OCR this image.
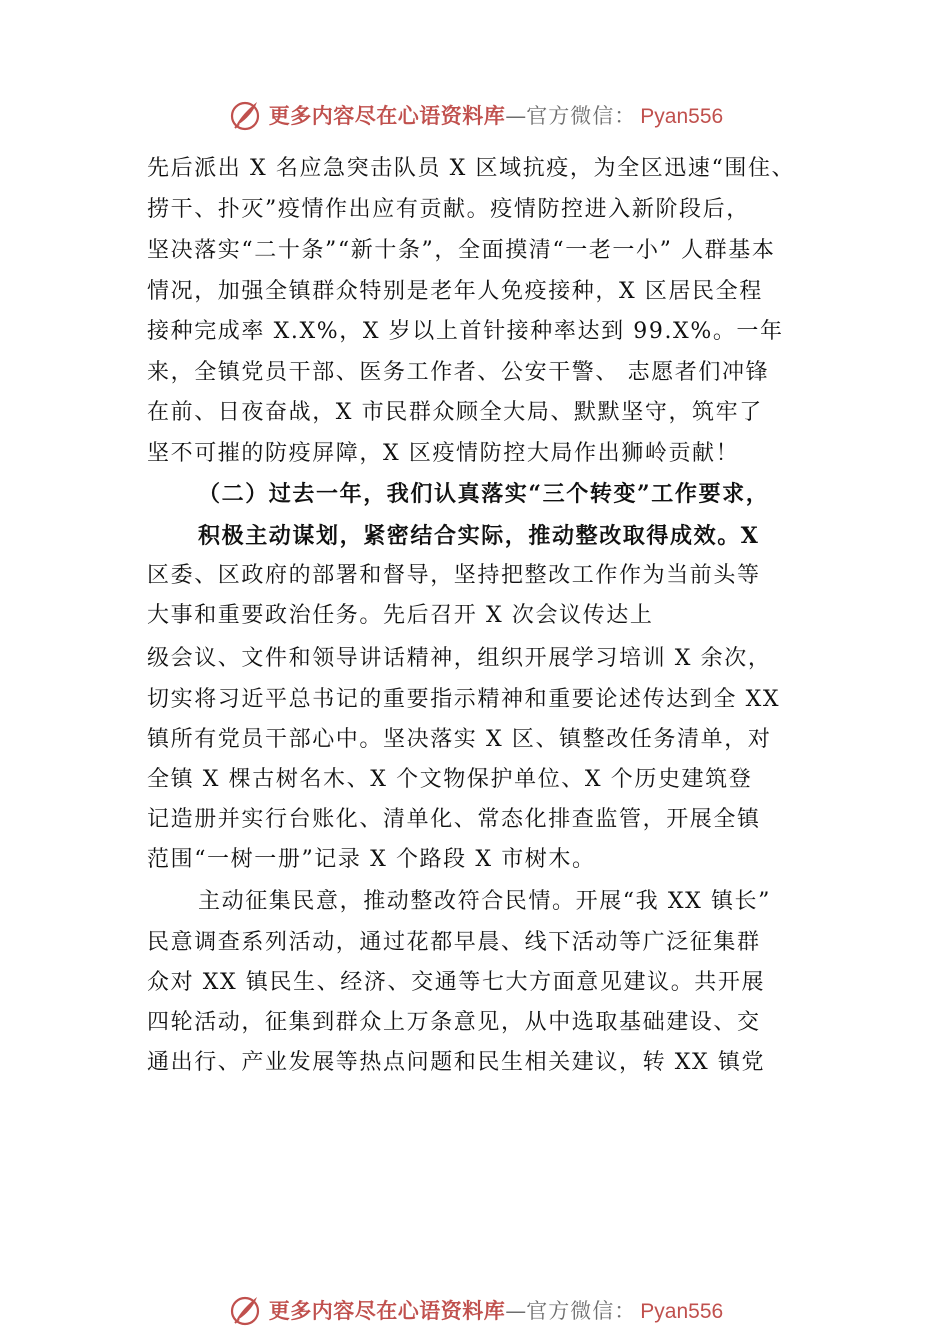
更多内容尽在心语资料库 — 官方微信： Pyan556
先后派出 X 名应急突击队员 X 区域抗疫，为全区迅速“围住、
捞干、扑灭”疫情作出应有贡献。疫情防控进入新阶段后，
坚决落实“二十条”“新十条”，全面摸清“一老一小” 人群基本
情况，加强全镇群众特别是老年人免疫接种，X 区居民全程
接种完成率 X.X%，X 岁以上首针接种率达到 99.X%。一年
来，全镇党员干部、医务工作者、公安干警、 志愿者们冲锋
在前、日夜奋战，X 市民群众顾全大局、默默坚守，筑牢了
坚不可摧的防疫屏障，X 区疫情防控大局作出狮岭贡献！
（二）过去一年，我们认真落实“三个转变”工作要求，
积极主动谋划，紧密结合实际，推动整改取得成效。X
区委、区政府的部署和督导，坚持把整改工作作为当前头等
大事和重要政治任务。先后召开 X 次会议传达上
级会议、文件和领导讲话精神，组织开展学习培训 X 余次，
切实将习近平总书记的重要指示精神和重要论述传达到全 XX
镇所有党员干部心中。坚决落实 X 区、镇整改任务清单，对
全镇 X 棵古树名木、X 个文物保护单位、X 个历史建筑登
记造册并实行台账化、清单化、常态化排查监管，开展全镇
范围“一树一册”记录 X 个路段 X 市树木。
主动征集民意，推动整改符合民情。开展“我 XX 镇长”
民意调查系列活动，通过花都早晨、线下活动等广泛征集群
众对 XX 镇民生、经济、交通等七大方面意见建议。共开展
四轮活动，征集到群众上万条意见，从中选取基础建设、交
通出行、产业发展等热点问题和民生相关建议，转 XX 镇党
更多内容尽在心语资料库 — 官方微信： Pyan556
